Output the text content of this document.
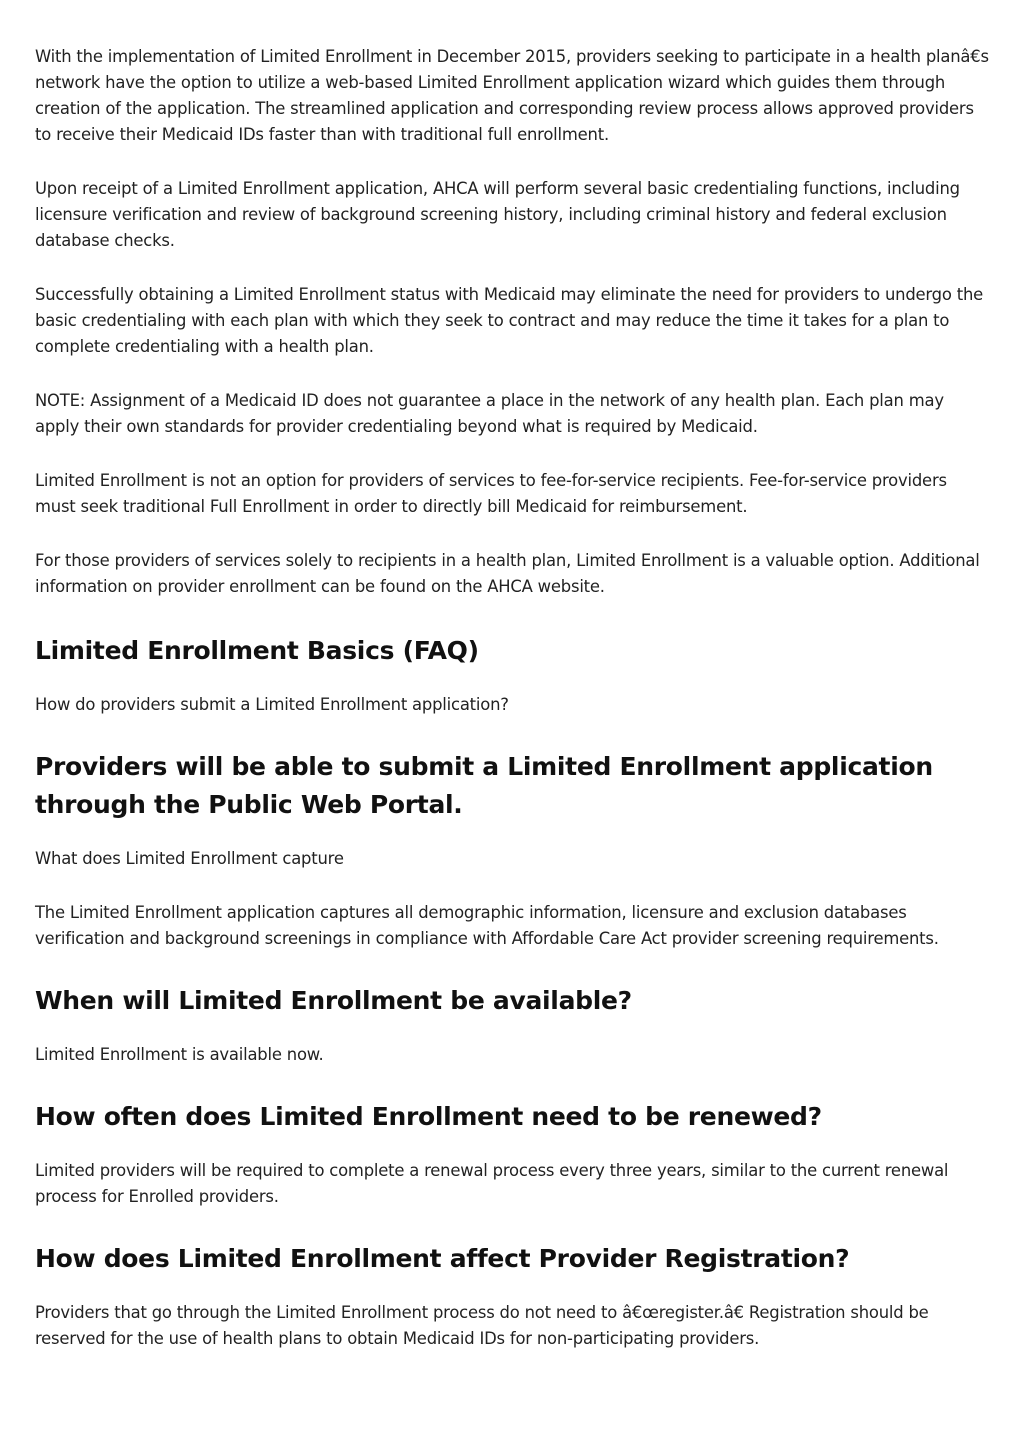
With the implementation of Limited Enrollment in December 2015, providers seeking to participate in a health planâ€s network have the option to utilize a web-based Limited Enrollment application wizard which guides them through creation of the application. The streamlined application and corresponding review process allows approved providers to receive their Medicaid IDs faster than with traditional full enrollment.

Upon receipt of a Limited Enrollment application, AHCA will perform several basic credentialing functions, including licensure verification and review of background screening history, including criminal history and federal exclusion database checks.

Successfully obtaining a Limited Enrollment status with Medicaid may eliminate the need for providers to undergo the basic credentialing with each plan with which they seek to contract and may reduce the time it takes for a plan to complete credentialing with a health plan.

NOTE: Assignment of a Medicaid ID does not guarantee a place in the network of any health plan. Each plan may apply their own standards for provider credentialing beyond what is required by Medicaid.

Limited Enrollment is not an option for providers of services to fee-for-service recipients. Fee-for-service providers must seek traditional Full Enrollment in order to directly bill Medicaid for reimbursement.

For those providers of services solely to recipients in a health plan, Limited Enrollment is a valuable option. Additional information on provider enrollment can be found on the AHCA website.

Limited Enrollment Basics (FAQ)

How do providers submit a Limited Enrollment application?

Providers will be able to submit a Limited Enrollment application through the Public Web Portal.

What does Limited Enrollment capture

The Limited Enrollment application captures all demographic information, licensure and exclusion databases verification and background screenings in compliance with Affordable Care Act provider screening requirements.

When will Limited Enrollment be available?

Limited Enrollment is available now.

How often does Limited Enrollment need to be renewed?

Limited providers will be required to complete a renewal process every three years, similar to the current renewal process for Enrolled providers.

How does Limited Enrollment affect Provider Registration?

Providers that go through the Limited Enrollment process do not need to â€œregister.â€ Registration should be reserved for the use of health plans to obtain Medicaid IDs for non-participating providers.
